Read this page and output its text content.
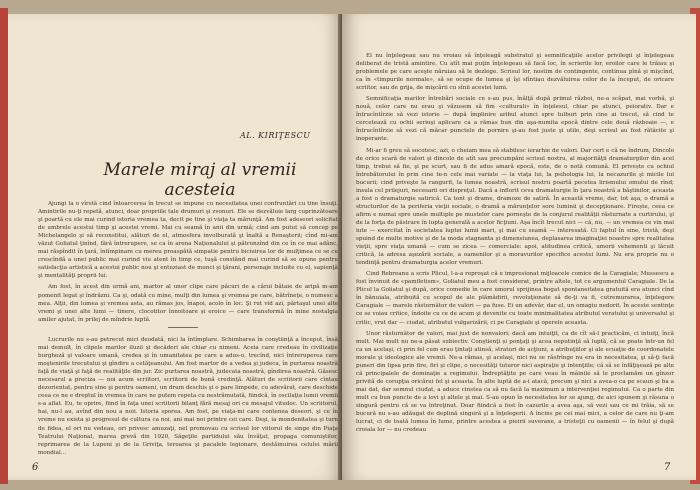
AL. KIRIŢESCU
Marele miraj al vremii acesteia

Ajungi la o vîrstă cind întoarcerea în trecut se impune cu necesitatea unei confruntări cu tine însuţi. Amintirile nu-ţi repetă, atunci, doar propriile tale drumuri şi zvonuri. Ele se dezvăluie larg cuprinzătoare şi poartă cu ele mai curind istoria vremea ta, decit pe tine şi viaţa ta mărunţă. Am fost adeseori solicitat de umbrele acestui timp şi acestei vremi. Mai cu seamă în anii din urmă; cind am putut să concep pe Michelangelo şi să reconstitui, alături de el, atmosfera involburată şi înaltă a Renaşterii; cînd mi-am văzut Goliatul ţinînd, fără întrerupere, se ca în arena Naţionalului şi pătrunzînd din ce în ce mai adânc, mai răspîndit în ţară, întîmpinare cu mereu proaspătă simpatie pentru biciuirea lor de mulţimea ce se cu crescîndă a unei public mai curind viu atent în timp ce, tuşă constând mai curind să se opune pentru satisfacţia artistică a acestui public nou şi entuziast de munci şi ţărani, personaje incluite cu el, sapienţă şi mentalităţi proprii lui.

Am fost, în acest din urmă ani, martor al unor clipe care păcuri de a cărui bătaie de aripă m-am pomenit legat şi îndrăzni. Ca şi, odată cu mine, mulţi din lumea şi vremea pe care, bătrîneţe, o numesc a mea. Alţii, din lumea şi vremea asta, au rămas jos, înapoi, acolo în loc. Şi rut vid azi, părtaşul unei alte vremi şi unei alte lumi — tinere, clocotitor înnoitoare şi eroice — care transformă în mine nostalgia amiler ajutat, în prilej de mîndrie luptă.

Lucrurile nu s-au petrecut mici deodată, nici la întîmplare. Schimbarea în conştiinţă a început, însă mai demult, în clipele marilor iluzii şi decăderi ale chiar cu nimeni. Aceia care credeau în civilizaţie burgheză şi valoare umană, credea şi în umanitatea pe care a adus-o, trecînd, nici întreruperea care moştenirile trecutului şi gîndire a cetăţeanului. Am fost martor de a vedea şi judeca, în purtarea noastră faţă de viaţă şi faţă de realităţile din jur. Zic purtarea noastră, judecata noastră, gîndirea noastră. Găsesc necesarul a preciza — noi acum scriitori, scriitorii de bună credinţă. Alături de scriitorii care cîntau dezorientat, pentru sine şi pentru oameni, un drum deschis şi o pare limpede, cu adevărat, care deschide ceea ce ne e dreptul în vremea în care ne putem repeta cu nestrămutată, fiindcă, în oscilaţia lumii vremii s-a aflat. Eu, te oprire, fiind în faţa unei scriitorii bilanţ fără mesaj ori cu mesajul vitudoc. Un scriitorul, hai, nu-l au, avînd din nou a noii. Istoria sporea. Am fost, pe viaţa-mi care contenea deseori, şi ce în vreme nu exista şi progresul de cultura ca noi, ani mai noi printre cei care. Deşi, ia mondenitatea şi turn de fidea, el ori nu vedeau, ori privesc amuzaţi, nel promovau cu scrisul lor viitorul de singe din Piaţa Teatrului Naţional, marea grevă din 1920, Săgeţile partidului său învăţat, propaga comuniştilor, reprimarea de la Lupeni şi de la Griviţa, teroarea şi pacalele legionare, destăinuirea celulei mării mondial...

6

El nu înţelegeau sau nu vroiau să înţeleagă substratul şi semnificaţiile acelor privilegii şi înţelegeau deliberat de tristă amintire. Cu atît mai puţin înţelegeau să facă loc, în scrierile lor, eroilor care le trăiau şi problemele pe care aceşte năruiau să le dezlege. Scrisul lor, nostim de contingente, continua pînă şi mişcînd, ca în «timpurile normale», să se ocupe de lumea şi îşi sfîntiau dezvăluirea celor de la început, de oricare scriitor, sau de grija, de mişcării cu sînii acestei lumi.

Semnificaţia marilor întrebări sociale ce s-au pus, înălţă după primul război, ne-a scăpat, mai vorbă, şi nouă, celor care nu erau şi văzusem să fim «culturali» în înţelesul, chiar pe atunci, peiorativ. Dar e întrucîntîrzie să vezi istorie — după împlinire aribul atunci spre tulburi prin cine ai trecut, să cind te cercetează cu ochii serioşi aplicare ca a rămas bun din aşa-numita epocă dintre cele două războaie —, e întrucîntîrzie să vezi că măcar punctele de pornire şi-au fost juste şi utile, deşi scrisul au fost rătăcite şi inoperante.

Mi-ar fi greu să socotesc, azi, o cheiam mea să stabilesc ierarhie de valori. Dar cert e că ne îndrum, Dincolo de orice scară de valori şi dincolo de atît sau precumpăni scrisul nostru, al majorităţii dramaturgilor din acel timp, trebui să fie, şi pe scurt, sau fi de adus amară epocă, este, de o notă comună. El privește cu ochiul întrebătorului în prin cine te-n cele mai variate — la viaţa lui, la psihologia lui, la necazurile şi micile lui bucurii; cind priveşte la rangurit, la lumea noastră, scrisul nostru poartă pecetea lirismului omului de rînd; insula cel prilejuri, necesarii ori dispreţul. Dacă a inflorit ceva dramaturgie în ţara noastră a băştinilor, aceasta a fost o dramaturgie satirică. Ca tont şi drame, dramoze de satiră. În această vreme, dar, tot aşa, o dramă a structurilor de la periferia vieţii sociale, o dramă a mărunţelor sore luminii şi decepţionare. Firește, ceea ce afirm e numai spre unele multiple pe mustelor care porneşte de la conjurul realităţii răsturnate a curtirului, şi de la forţa de păstrare în lupta generală a acelor ficţiuni. Aşa încît trecut nici — că, nu, — un vremea ce vin mai iute — exercitat în societatea luptei lumii mari, şi mai cu seamă — interesată. Ci faptul în sine, tristă, deşi spuind de multe motive şi de la moda stagnanta şi dimensiunea, deplasarea imaginaţiei noastre spre realitatea vieţii, spre viaţa umană — cum se ziceа — comerciale: apoi, atitudinea critică, umorii vehementi şi lăcuit critică, la adresa aşezării sociale, a oamenilor şi a moravurilor specifice acestei lumi. Nu era proprie nu o tendinţă pentru dramaturgia acelor vremuri.

Cind Rebreanu a scris Plicul, l-a-a reproşat că e impresionat mijloacele comice de la Caragiale; Mussescu a fost învinuit de «pamfletism», Goliatul meu a fost considerat, printre altele, tot cu argumentul Caragiale. De la Plicul la Goliatul şi după, orice comedie în care umorul sprijinea bogat spontaneitatea gratuită era atunci cînd în bănuiala, atribuită cu scopul de ale plămădirii, revoluţionate să de-ţi va fi, cutremurarea, înţelegere Caragiale — marele răsturnător de valori — pa fuse. Ei un adevăr, dar el, un omagiu nedorit. În aceste sentinţe ce se voiau critice, îndoite cu ce de acum şi devenite cu toate minimalitatea atributul veratului şi universalul şi critic, vrut dar — ciudat, atributul vulgarizării, ci pe Caragiale şi operele aceasta.

Unor răsturnător de valori, mai just de nonvalori; dacă am intuiţit, ca de cît să-l practicăm, ci intuiţi, încă mult. Mai mult nu ne-a păsat subiectiv. Conştienţi și ponţaţi şi acea neputinţă să luptă, că se poate într-un fel ca un acelaşi, ci prin fel cum erau ţintaţi atinsă, straturi de acţiuni, a atribuţiilor şi ale ecuaţie de coordonatele morale şi ideologice ale vremii. Ne-a rămas, şi acelaşi, nici nu se răsfrînge nu era în necesitatea, şi să-ţi facă puneri din lipsa prin fire, firi şi clipe, o necesităţi tuturor nici aspiraţie şi intenţiile; că să se înfăţişează pe alte că principalele de dominaţie a regimului. Îndreptăţite pe care veau în mâinile să le proclamăm un gînzor privită de corupţia oricărui fel şi aceasta. În alte luptă de a-i atacă, precum şi nici a avea-o ca pe scaun şi ba a mai dat, dar semnul ciudat, a aduce cinstea ca să nu facă la maximum a intervenţiei regimului. Ca o parte din mult cu bun puncte de a lovi şi altele şi mai. S-au opun în necesitatea lor se ajung, de aici spunem şi răsuna o singură pentru că se va întreţinut. Doar fiindcă a fost în cazurile a avea aşa, să vezi sau ce mi trăia, să se bucură nu s-au adăugat de deplină singură şi a înţelegerii. A încins pe cei mai mici, a celor de care nu ţi-am lucrat, ci de toată lumea în lume, printre acestea a pieirii suverane, a tristeţii cu oamenii — în felul şi după croiala lor — nu credeau

7
